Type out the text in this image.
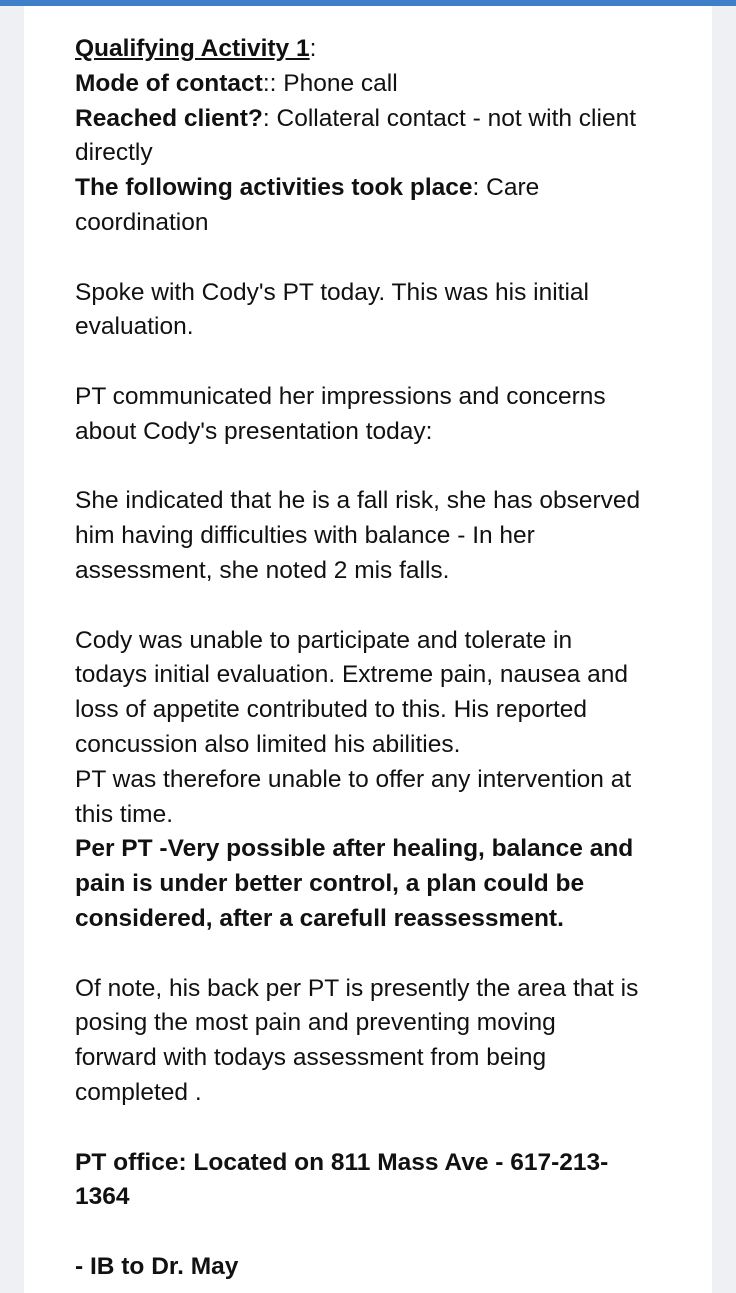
Qualifying Activity 1:
Mode of contact:: Phone call
Reached client?: Collateral contact - not with client
directly
The following activities took place: Care
coordination
Spoke with Cody's PT today. This was his initial
evaluation.
PT communicated her impressions and concerns
about Cody's presentation today:
She indicated that he is a fall risk, she has observed
him having difficulties with balance - In her
assessment, she noted 2 mis falls.
Cody was unable to participate and tolerate in
todays initial evaluation. Extreme pain, nausea and
loss of appetite contributed to this. His reported
concussion also limited his abilities.
PT was therefore unable to offer any intervention at
this time.
Per PT -Very possible after healing, balance and
pain is under better control, a plan could be
considered, after a carefull reassessment.
Of note, his back per PT is presently the area that is
posing the most pain and preventing moving
forward with todays assessment from being
completed .
PT office: Located on 811 Mass Ave - 617-213-
1364
- IB to Dr. May
